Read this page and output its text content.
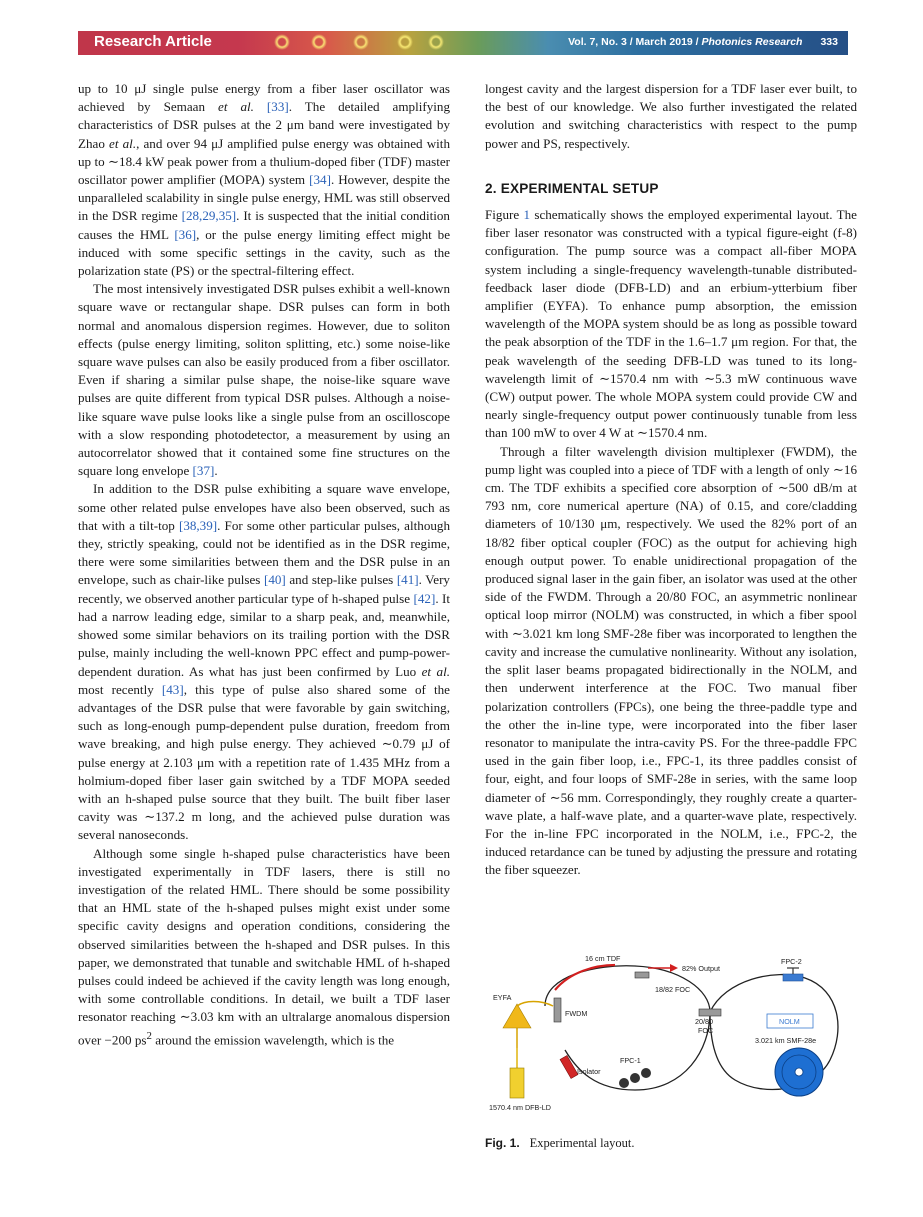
Research Article	Vol. 7, No. 3 / March 2019 / Photonics Research 333

up to 10 μJ single pulse energy from a fiber laser oscillator was achieved by Semaan et al. [33]. The detailed amplifying characteristics of DSR pulses at the 2 μm band were investigated by Zhao et al., and over 94 μJ amplified pulse energy was obtained with up to ∼18.4 kW peak power from a thulium-doped fiber (TDF) master oscillator power amplifier (MOPA) system [34]. However, despite the unparalleled scalability in single pulse energy, HML was still observed in the DSR regime [28,29,35]. It is suspected that the initial condition causes the HML [36], or the pulse energy limiting effect might be induced with some specific settings in the cavity, such as the polarization state (PS) or the spectral-filtering effect.

The most intensively investigated DSR pulses exhibit a well-known square wave or rectangular shape. DSR pulses can form in both normal and anomalous dispersion regimes. However, due to soliton effects (pulse energy limiting, soliton splitting, etc.) some noise-like square wave pulses can also be easily produced from a fiber oscillator. Even if sharing a similar pulse shape, the noise-like square wave pulses are quite different from typical DSR pulses. Although a noise-like square wave pulse looks like a single pulse from an oscilloscope with a slow responding photodetector, a measurement by using an autocorrelator showed that it contained some fine structures on the square long envelope [37].

In addition to the DSR pulse exhibiting a square wave envelope, some other related pulse envelopes have also been observed, such as that with a tilt-top [38,39]. For some other particular pulses, although they, strictly speaking, could not be identified as in the DSR regime, there were some similarities between them and the DSR pulse in an envelope, such as chair-like pulses [40] and step-like pulses [41]. Very recently, we observed another particular type of h-shaped pulse [42]. It had a narrow leading edge, similar to a sharp peak, and, meanwhile, showed some similar behaviors on its trailing portion with the DSR pulse, mainly including the well-known PPC effect and pump-power-dependent duration. As what has just been confirmed by Luo et al. most recently [43], this type of pulse also shared some of the advantages of the DSR pulse that were favorable by gain switching, such as long-enough pump-dependent pulse duration, freedom from wave breaking, and high pulse energy. They achieved ∼0.79 μJ of pulse energy at 2.103 μm with a repetition rate of 1.435 MHz from a holmium-doped fiber laser gain switched by a TDF MOPA seeded with an h-shaped pulse source that they built. The built fiber laser cavity was ∼137.2 m long, and the achieved pulse duration was several nanoseconds.

Although some single h-shaped pulse characteristics have been investigated experimentally in TDF lasers, there is still no investigation of the related HML. There should be some possibility that an HML state of the h-shaped pulses might exist under some specific cavity designs and operation conditions, considering the observed similarities between the h-shaped and DSR pulses. In this paper, we demonstrated that tunable and switchable HML of h-shaped pulses could indeed be achieved if the cavity length was long enough, with some controllable conditions. In detail, we built a TDF laser resonator reaching ∼3.03 km with an ultralarge anomalous dispersion over −200 $ps^2$ around the emission wavelength, which is the

longest cavity and the largest dispersion for a TDF laser ever built, to the best of our knowledge. We also further investigated the related evolution and switching characteristics with respect to the pump power and PS, respectively.

2. EXPERIMENTAL SETUP

Figure 1 schematically shows the employed experimental layout. The fiber laser resonator was constructed with a typical figure-eight (f-8) configuration. The pump source was a compact all-fiber MOPA system including a single-frequency wavelength-tunable distributed-feedback laser diode (DFB-LD) and an erbium-ytterbium fiber amplifier (EYFA). To enhance pump absorption, the emission wavelength of the MOPA system should be as long as possible toward the peak absorption of the TDF in the 1.6–1.7 μm region. For that, the peak wavelength of the seeding DFB-LD was tuned to its long-wavelength limit of ∼1570.4 nm with ∼5.3 mW continuous wave (CW) output power. The whole MOPA system could provide CW and nearly single-frequency output power continuously tunable from less than 100 mW to over 4 W at ∼1570.4 nm.

Through a filter wavelength division multiplexer (FWDM), the pump light was coupled into a piece of TDF with a length of only ∼16 cm. The TDF exhibits a specified core absorption of ∼500 dB/m at 793 nm, core numerical aperture (NA) of 0.15, and core/cladding diameters of 10/130 μm, respectively. We used the 82% port of an 18/82 fiber optical coupler (FOC) as the output for achieving high enough output power. To enable unidirectional propagation of the produced signal laser in the gain fiber, an isolator was used at the other side of the FWDM. Through a 20/80 FOC, an asymmetric nonlinear optical loop mirror (NOLM) was constructed, in which a fiber spool with ∼3.021 km long SMF-28e fiber was incorporated to lengthen the cavity and increase the cumulative nonlinearity. Without any isolation, the split laser beams propagated bidirectionally in the NOLM, and then underwent interference at the FOC. Two manual fiber polarization controllers (FPCs), one being the three-paddle type and the other the in-line type, were incorporated into the fiber laser resonator to manipulate the intra-cavity PS. For the three-paddle FPC used in the gain fiber loop, i.e., FPC-1, its three paddles consist of four, eight, and four loops of SMF-28e in series, with the same loop diameter of ∼56 mm. Correspondingly, they roughly create a quarter-wave plate, a half-wave plate, and a quarter-wave plate, respectively. For the in-line FPC incorporated in the NOLM, i.e., FPC-2, the induced retardance can be tuned by adjusting the pressure and rotating the fiber squeezer.

16 cm TDF
82% Output
FPC-2
18/82 FOC
EYFA
20/80
FOC
FWDM
NOLM
FPC-1
3.021 km SMF-28e
Isolator
1570.4 nm DFB-LD
Fig. 1. Experimental layout.
